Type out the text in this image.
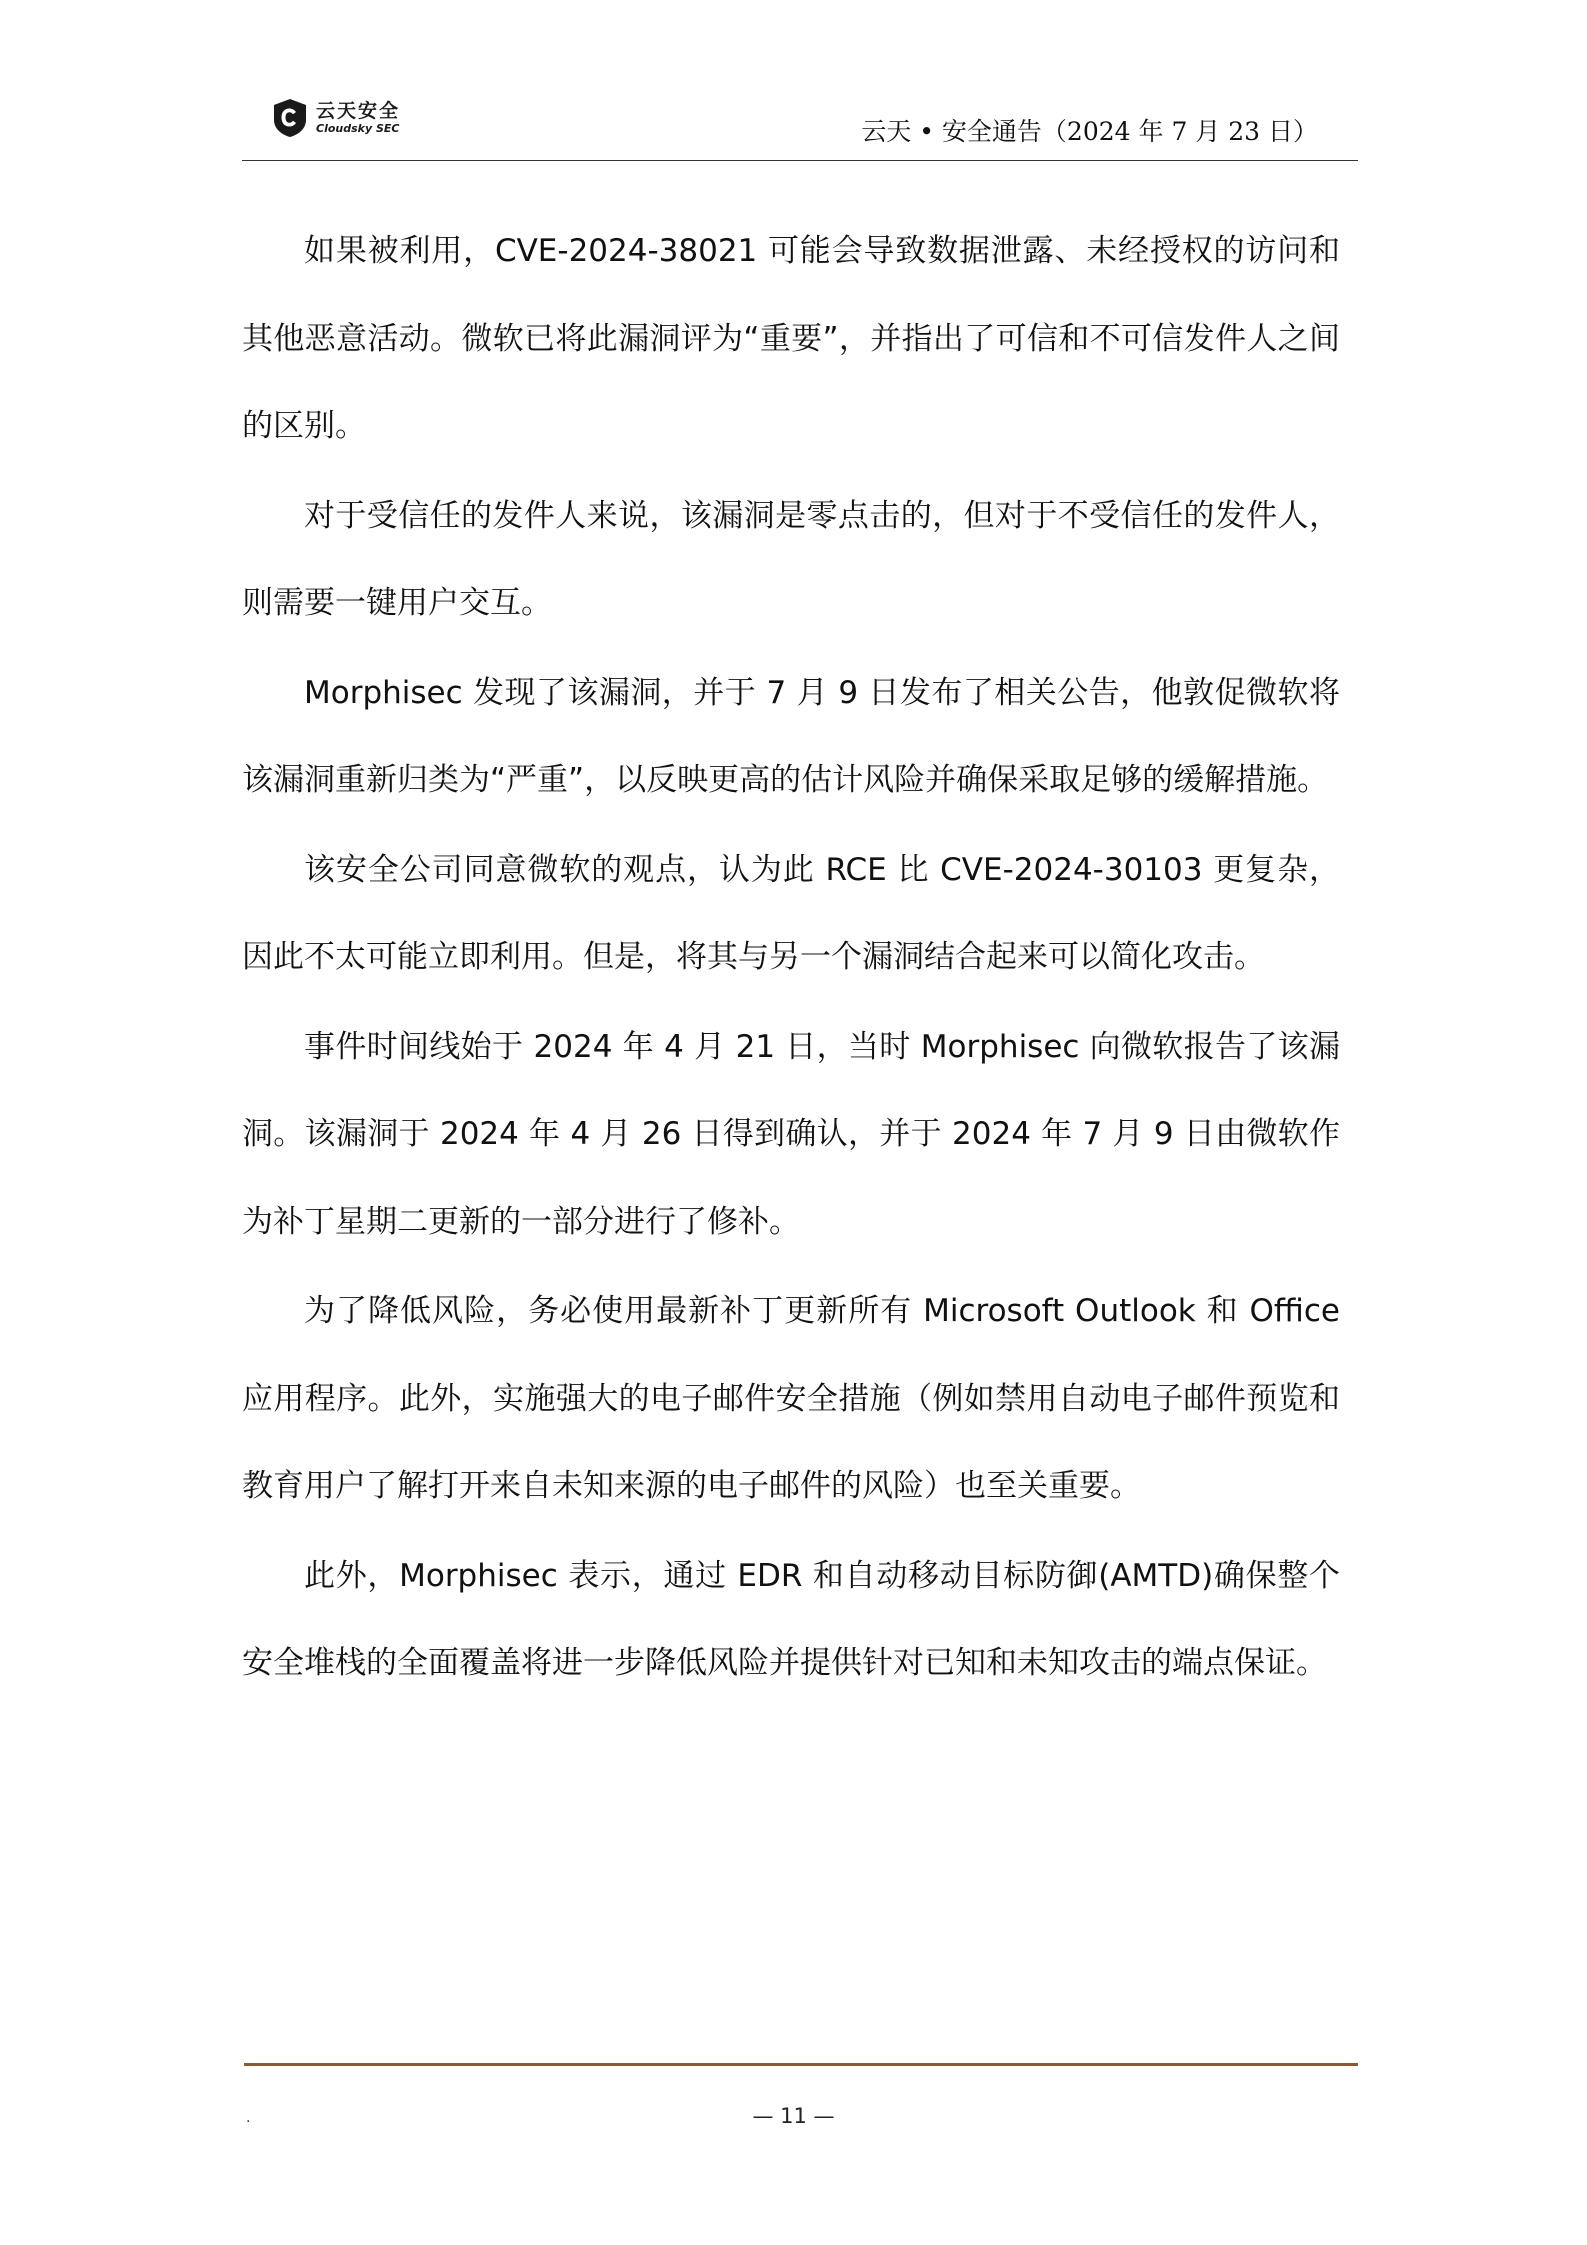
云天安全
Cloudsky SEC	云天 • 安全通告（2024 年 7 月 23 日）

如果被利用，CVE-2024-38021 可能会导致数据泄露、未经授权的访问和其他恶意活动。微软已将此漏洞评为“重要”，并指出了可信和不可信发件人之间的区别。

对于受信任的发件人来说，该漏洞是零点击的，但对于不受信任的发件人，则需要一键用户交互。

Morphisec 发现了该漏洞，并于 7 月 9 日发布了相关公告，他敦促微软将该漏洞重新归类为“严重”，以反映更高的估计风险并确保采取足够的缓解措施。

该安全公司同意微软的观点，认为此 RCE 比 CVE-2024-30103 更复杂，因此不太可能立即利用。但是，将其与另一个漏洞结合起来可以简化攻击。

事件时间线始于 2024 年 4 月 21 日，当时 Morphisec 向微软报告了该漏洞。该漏洞于 2024 年 4 月 26 日得到确认，并于 2024 年 7 月 9 日由微软作为补丁星期二更新的一部分进行了修补。

为了降低风险，务必使用最新补丁更新所有 Microsoft Outlook 和 Office 应用程序。此外，实施强大的电子邮件安全措施（例如禁用自动电子邮件预览和教育用户了解打开来自未知来源的电子邮件的风险）也至关重要。

此外，Morphisec 表示，通过 EDR 和自动移动目标防御(AMTD)确保整个安全堆栈的全面覆盖将进一步降低风险并提供针对已知和未知攻击的端点保证。

.	— 11 —
